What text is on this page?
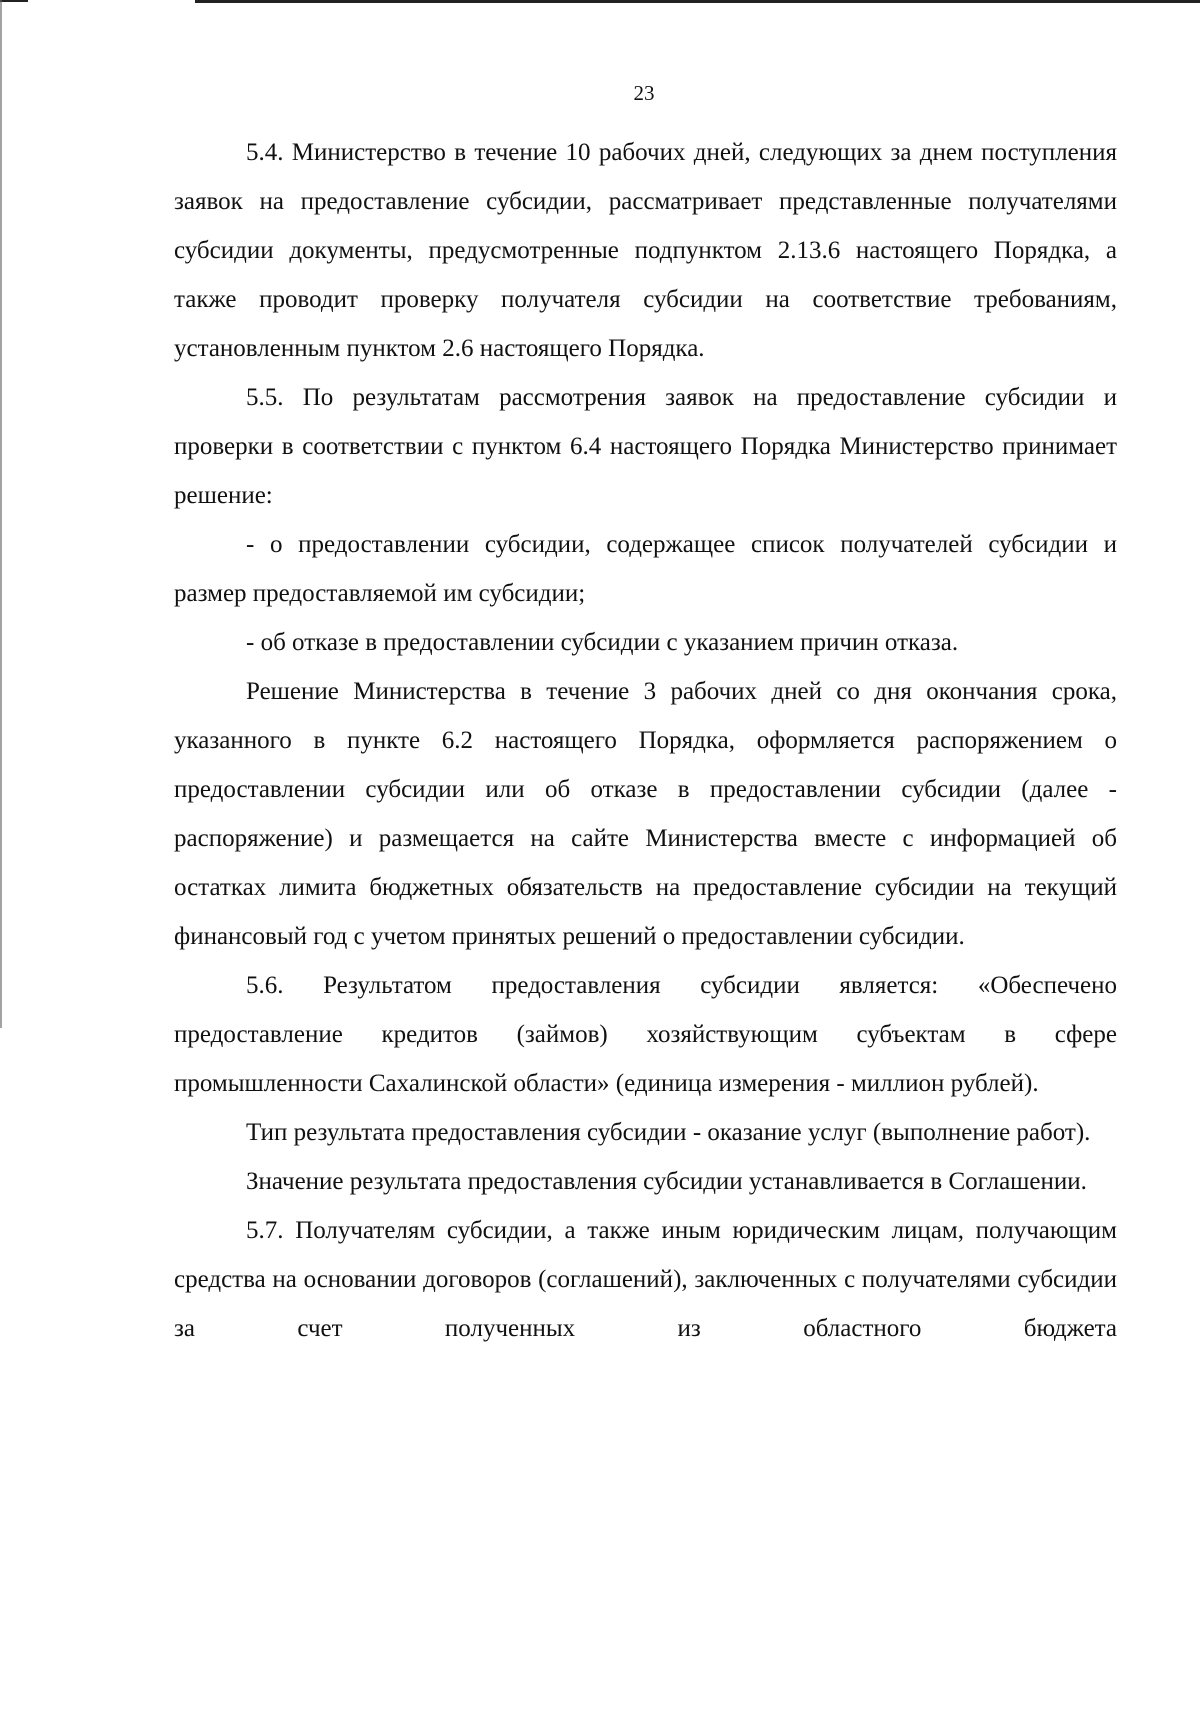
23

5.4. Министерство в течение 10 рабочих дней, следующих за днем поступления заявок на предоставление субсидии, рассматривает представленные получателями субсидии документы, предусмотренные подпунктом 2.13.6 настоящего Порядка, а также проводит проверку получателя субсидии на соответствие требованиям, установленным пунктом 2.6 настоящего Порядка.

5.5. По результатам рассмотрения заявок на предоставление субсидии и проверки в соответствии с пунктом 6.4 настоящего Порядка Министерство принимает решение:

- о предоставлении субсидии, содержащее список получателей субсидии и размер предоставляемой им субсидии;

- об отказе в предоставлении субсидии с указанием причин отказа.

Решение Министерства в течение 3 рабочих дней со дня окончания срока, указанного в пункте 6.2 настоящего Порядка, оформляется распоряжением о предоставлении субсидии или об отказе в предоставлении субсидии (далее - распоряжение) и размещается на сайте Министерства вместе с информацией об остатках лимита бюджетных обязательств на предоставление субсидии на текущий финансовый год с учетом принятых решений о предоставлении субсидии.

5.6. Результатом предоставления субсидии является: «Обеспечено предоставление кредитов (займов) хозяйствующим субъектам в сфере промышленности Сахалинской области» (единица измерения - миллион рублей).

Тип результата предоставления субсидии - оказание услуг (выполнение работ).

Значение результата предоставления субсидии устанавливается в Соглашении.

5.7. Получателям субсидии, а также иным юридическим лицам, получающим средства на основании договоров (соглашений), заключенных с получателями субсидии за счет полученных из областного бюджета
